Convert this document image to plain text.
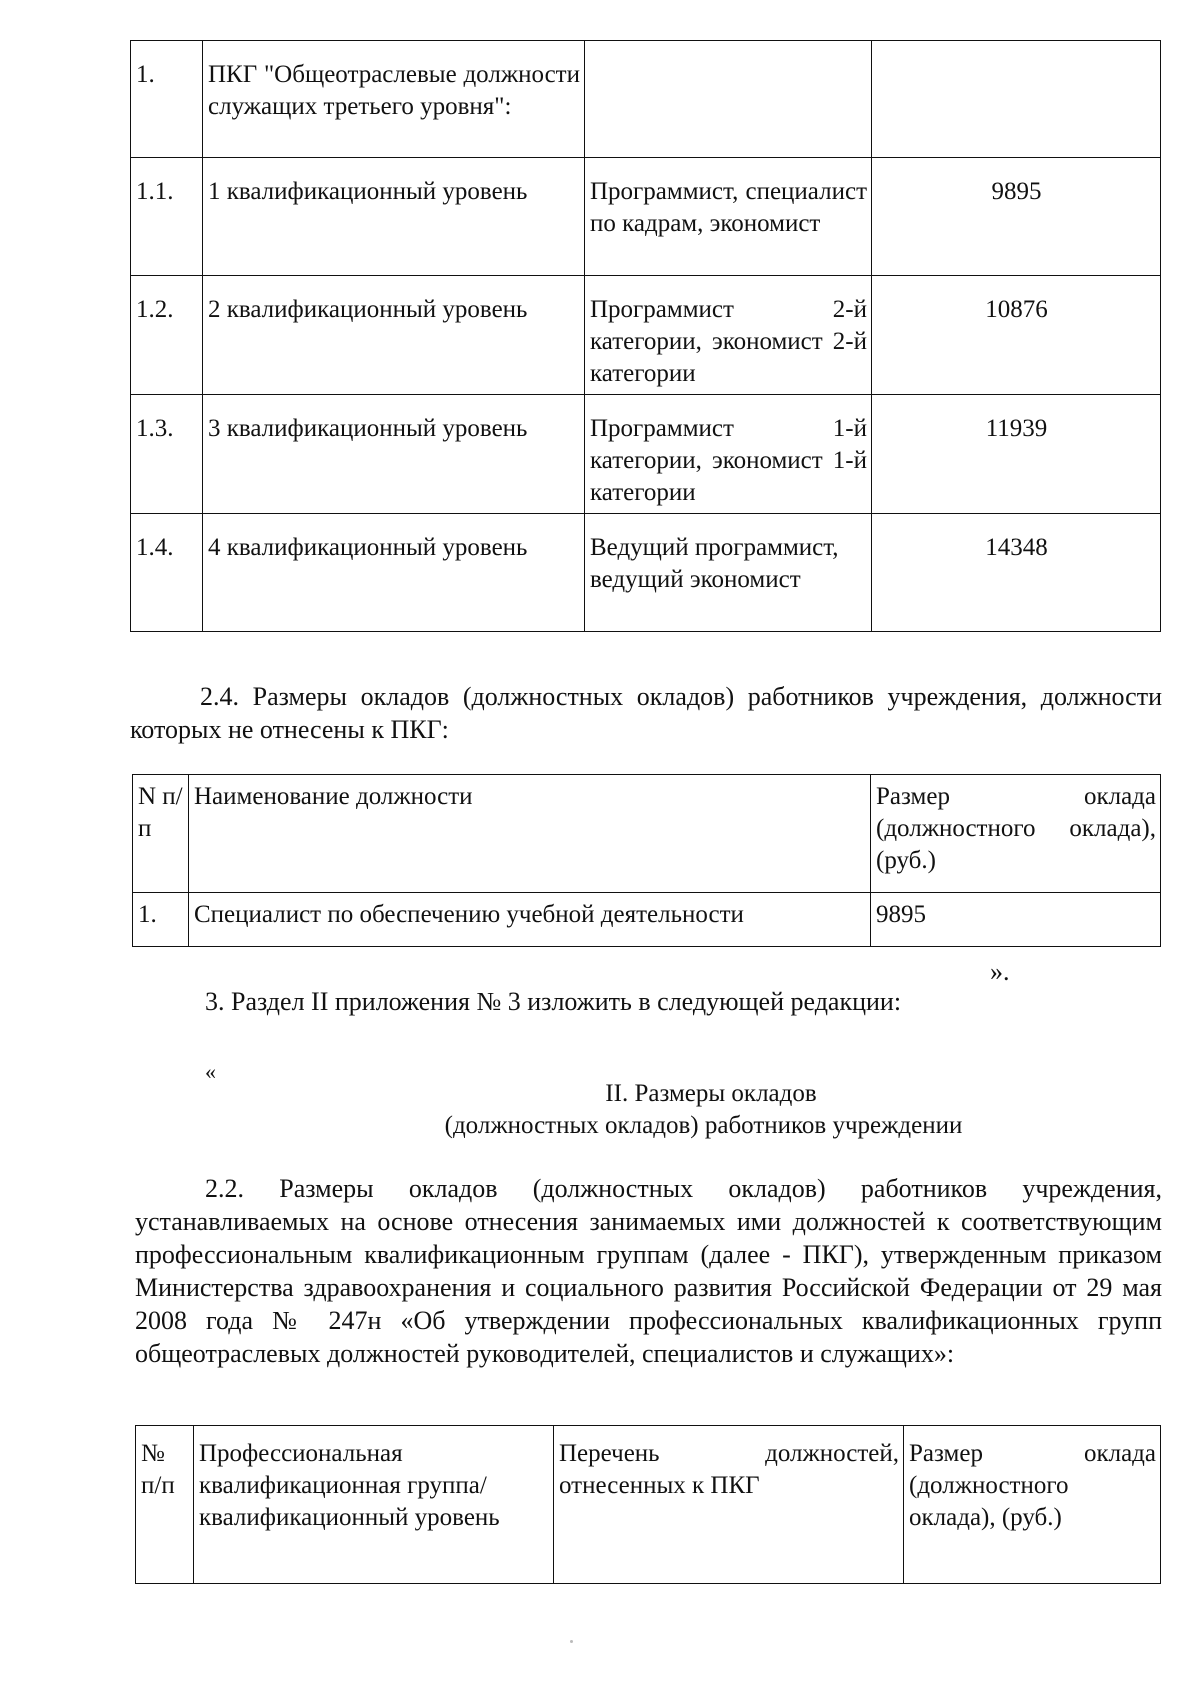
1.	ПКГ "Общеотраслевые должности служащих третьего уровня":		
1.1.	1 квалификационный уровень	Программист, специалист по кадрам, экономист	9895
1.2.	2 квалификационный уровень	Программист 2-й категории, экономист 2-й категории	10876
1.3.	3 квалификационный уровень	Программист 1-й категории, экономист 1-й категории	11939
1.4.	4 квалификационный уровень	Ведущий программист, ведущий экономист	14348

2.4. Размеры окладов (должностных окладов) работников учреждения, должности которых не отнесены к ПКГ:

N п/п	Наименование должности	Размер оклада (должностного оклада), (руб.)
1.	Специалист по обеспечению учебной деятельности	9895

».

3. Раздел II приложения № 3 изложить в следующей редакции:

«

II. Размеры окладов
(должностных окладов) работников учреждении

2.2. Размеры окладов (должностных окладов) работников учреждения, устанавливаемых на основе отнесения занимаемых ими должностей к соответствующим профессиональным квалификационным группам (далее - ПКГ), утвержденным приказом Министерства здравоохранения и социального развития Российской Федерации от 29 мая 2008 года № 247н «Об утверждении профессиональных квалификационных групп общеотраслевых должностей руководителей, специалистов и служащих»:

№ п/п	Профессиональная квалификационная группа/квалификационный уровень	Перечень должностей, отнесенных к ПКГ	Размер оклада (должностного оклада), (руб.)
